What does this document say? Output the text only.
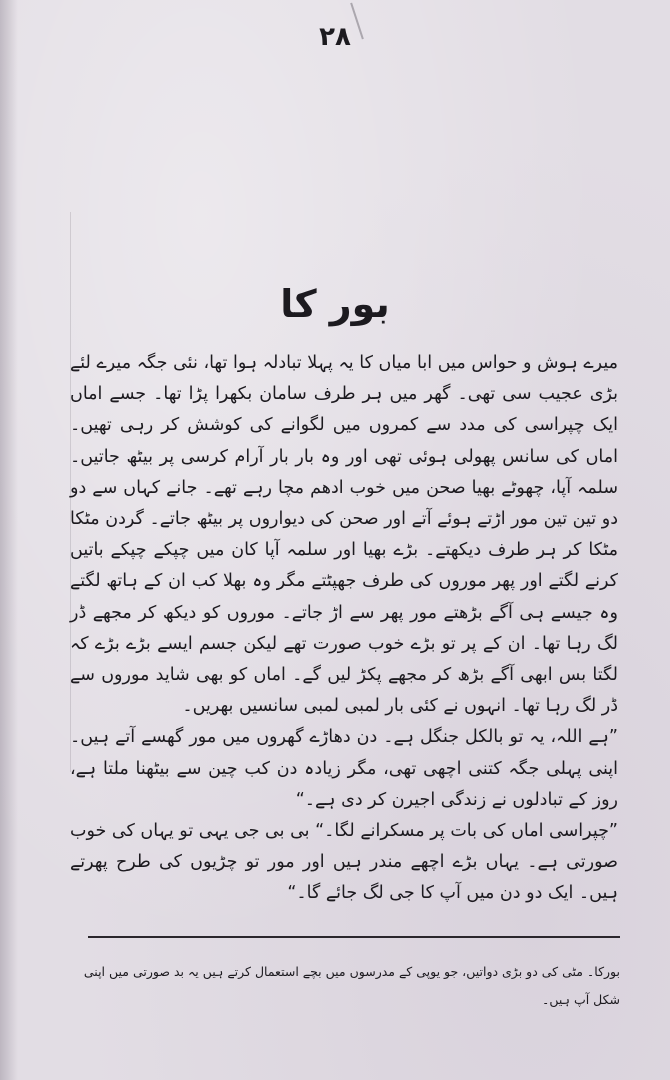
۲۸
بور کا

میرے ہوش و حواس میں ابا میاں کا یہ پہلا تبادلہ ہوا تھا، نئی جگہ میرے لئے بڑی عجیب سی تھی۔ گھر میں ہر طرف سامان بکھرا پڑا تھا۔ جسے اماں ایک چپراسی کی مدد سے کمروں میں لگوانے کی کوشش کر رہی تھیں۔ اماں کی سانس پھولی ہوئی تھی اور وہ بار بار آرام کرسی پر بیٹھ جاتیں۔ سلمہ آپا، چھوٹے بھیا صحن میں خوب ادھم مچا رہے تھے۔ جانے کہاں سے دو دو تین تین مور اڑتے ہوئے آتے اور صحن کی دیواروں پر بیٹھ جاتے۔ گردن مٹکا مٹکا کر ہر طرف دیکھتے۔ بڑے بھیا اور سلمہ آپا کان میں چپکے چپکے باتیں کرنے لگتے اور پھر موروں کی طرف جھپٹتے مگر وہ بھلا کب ان کے ہاتھ لگتے وہ جیسے ہی آگے بڑھتے مور پھر سے اڑ جاتے۔ موروں کو دیکھ کر مجھے ڈر لگ رہا تھا۔ ان کے پر تو بڑے خوب صورت تھے لیکن جسم ایسے بڑے بڑے کہ لگتا بس ابھی آگے بڑھ کر مجھے پکڑ لیں گے۔ اماں کو بھی شاید موروں سے ڈر لگ رہا تھا۔ انہوں نے کئی بار لمبی لمبی سانسیں بھریں۔

”ہے اللہ، یہ تو بالکل جنگل ہے۔ دن دھاڑے گھروں میں مور گھسے آتے ہیں۔ اپنی پہلی جگہ کتنی اچھی تھی، مگر زیادہ دن کب چین سے بیٹھنا ملتا ہے، روز کے تبادلوں نے زندگی اجیرن کر دی ہے۔“

”چپراسی اماں کی بات پر مسکرانے لگا۔“ بی بی جی یہی تو یہاں کی خوب صورتی ہے۔ یہاں بڑے اچھے مندر ہیں اور مور تو چڑیوں کی طرح پھرتے ہیں۔ ایک دو دن میں آپ کا جی لگ جائے گا۔“

بورکا۔ مٹی کی دو بڑی دواتیں، جو یوپی کے مدرسوں میں بچے استعمال کرتے ہیں یہ بد صورتی میں اپنی شکل آپ ہیں۔
